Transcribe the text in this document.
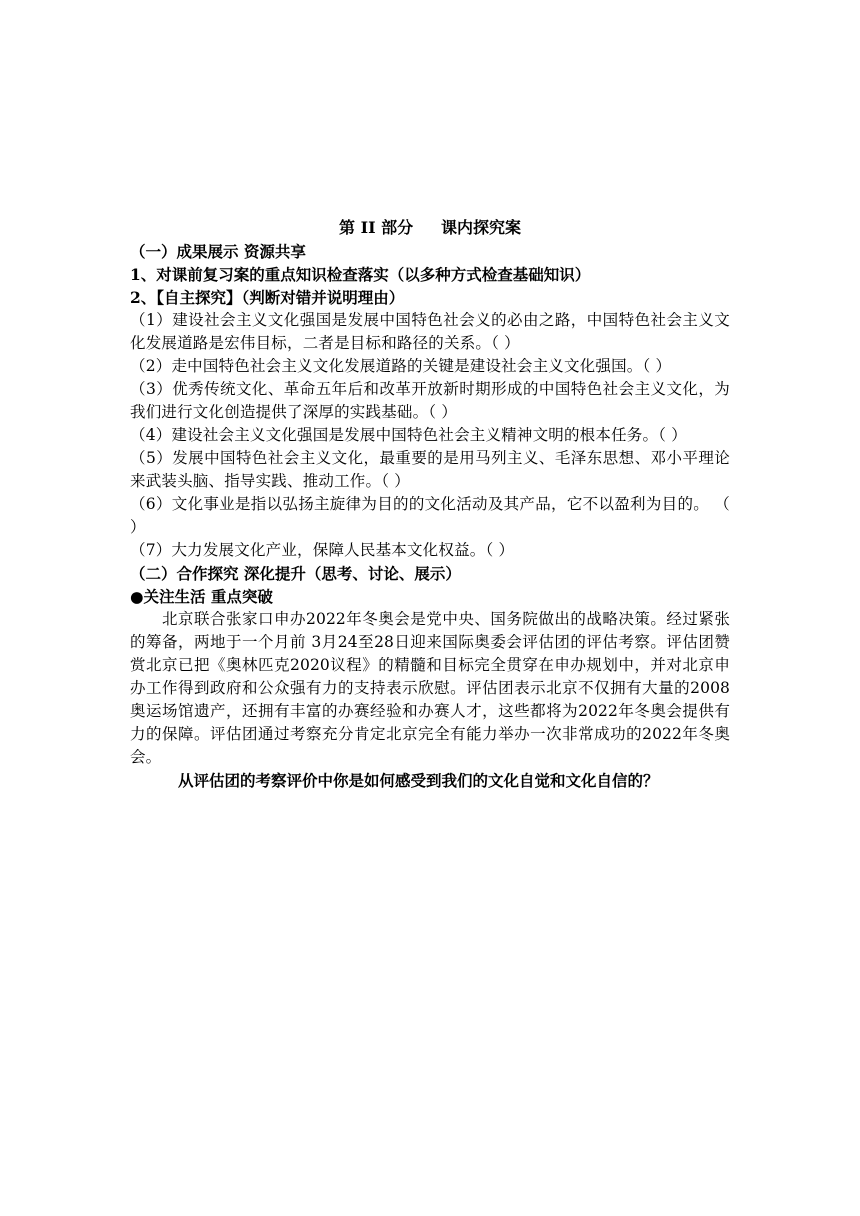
第 II 部分     课内探究案
（一）成果展示 资源共享
1、对课前复习案的重点知识检查落实（以多种方式检查基础知识）
2、【自主探究】（判断对错并说明理由）
（1）建设社会主义文化强国是发展中国特色社会义的必由之路，中国特色社会主义文化发展道路是宏伟目标，二者是目标和路径的关系。（ ）
（2）走中国特色社会主义文化发展道路的关键是建设社会主义文化强国。（ ）
（3）优秀传统文化、革命五年后和改革开放新时期形成的中国特色社会主义文化，为我们进行文化创造提供了深厚的实践基础。（ ）
（4）建设社会主义文化强国是发展中国特色社会主义精神文明的根本任务。（ ）
（5）发展中国特色社会主义文化，最重要的是用马列主义、毛泽东思想、邓小平理论来武装头脑、指导实践、推动工作。（ ）
（6）文化事业是指以弘扬主旋律为目的的文化活动及其产品，它不以盈利为目的。 （ ）
（7）大力发展文化产业，保障人民基本文化权益。（ ）
（二）合作探究 深化提升（思考、讨论、展示）
●关注生活 重点突破
北京联合张家口申办2022年冬奥会是党中央、国务院做出的战略决策。经过紧张的筹备，两地于一个月前 3月24至28日迎来国际奥委会评估团的评估考察。评估团赞赏北京已把《奥林匹克2020议程》的精髓和目标完全贯穿在申办规划中，并对北京申办工作得到政府和公众强有力的支持表示欣慰。评估团表示北京不仅拥有大量的2008奥运场馆遗产，还拥有丰富的办赛经验和办赛人才，这些都将为2022年冬奥会提供有力的保障。评估团通过考察充分肯定北京完全有能力举办一次非常成功的2022年冬奥会。
从评估团的考察评价中你是如何感受到我们的文化自觉和文化自信的？
